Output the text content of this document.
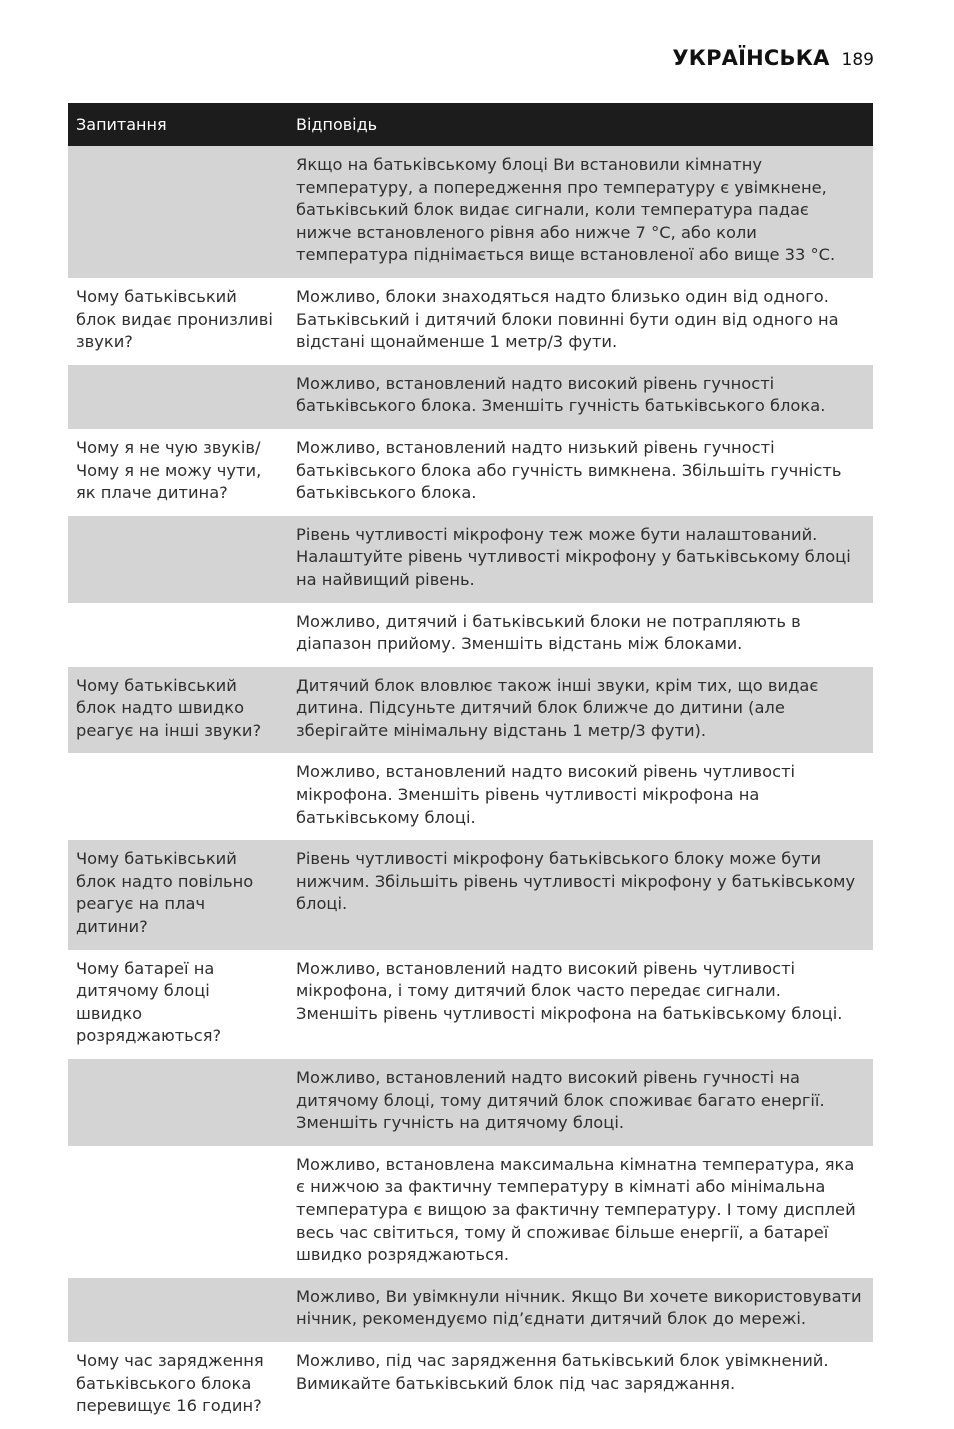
УКРАЇНСЬКА 189
Запитання	Відповідь
	Якщо на батьківському блоці Ви встановили кімнатну температуру, а попередження про температуру є увімкнене, батьківський блок видає сигнали, коли температура падає нижче встановленого рівня або нижче 7 °C, або коли температура піднімається вище встановленої або вище 33 °C.
Чому батьківський блок видає пронизливі звуки?	Можливо, блоки знаходяться надто близько один від одного. Батьківський і дитячий блоки повинні бути один від одного на відстані щонайменше 1 метр/3 фути.
	Можливо, встановлений надто високий рівень гучності батьківського блока. Зменшіть гучність батьківського блока.
Чому я не чую звуків/ Чому я не можу чути, як плаче дитина?	Можливо, встановлений надто низький рівень гучності батьківського блока або гучність вимкнена. Збільшіть гучність батьківського блока.
	Рівень чутливості мікрофону теж може бути налаштований. Налаштуйте рівень чутливості мікрофону у батьківському блоці на найвищий рівень.
	Можливо, дитячий і батьківський блоки не потрапляють в діапазон прийому. Зменшіть відстань між блоками.
Чому батьківський блок надто швидко реагує на інші звуки?	Дитячий блок вловлює також інші звуки, крім тих, що видає дитина. Підсуньте дитячий блок ближче до дитини (але зберігайте мінімальну відстань 1 метр/3 фути).
	Можливо, встановлений надто високий рівень чутливості мікрофона. Зменшіть рівень чутливості мікрофона на батьківському блоці.
Чому батьківський блок надто повільно реагує на плач дитини?	Рівень чутливості мікрофону батьківського блоку може бути нижчим. Збільшіть рівень чутливості мікрофону у батьківському блоці.
Чому батареї на дитячому блоці швидко розряджаються?	Можливо, встановлений надто високий рівень чутливості мікрофона, і тому дитячий блок часто передає сигнали. Зменшіть рівень чутливості мікрофона на батьківському блоці.
	Можливо, встановлений надто високий рівень гучності на дитячому блоці, тому дитячий блок споживає багато енергії. Зменшіть гучність на дитячому блоці.
	Можливо, встановлена максимальна кімнатна температура, яка є нижчою за фактичну температуру в кімнаті або мінімальна температура є вищою за фактичну температуру. І тому дисплей весь час світиться, тому й споживає більше енергії, а батареї швидко розряджаються.
	Можливо, Ви увімкнули нічник. Якщо Ви хочете використовувати нічник, рекомендуємо під’єднати дитячий блок до мережі.
Чому час зарядження батьківського блока перевищує 16 годин?	Можливо, під час зарядження батьківський блок увімкнений. Вимикайте батьківський блок під час заряджання.
